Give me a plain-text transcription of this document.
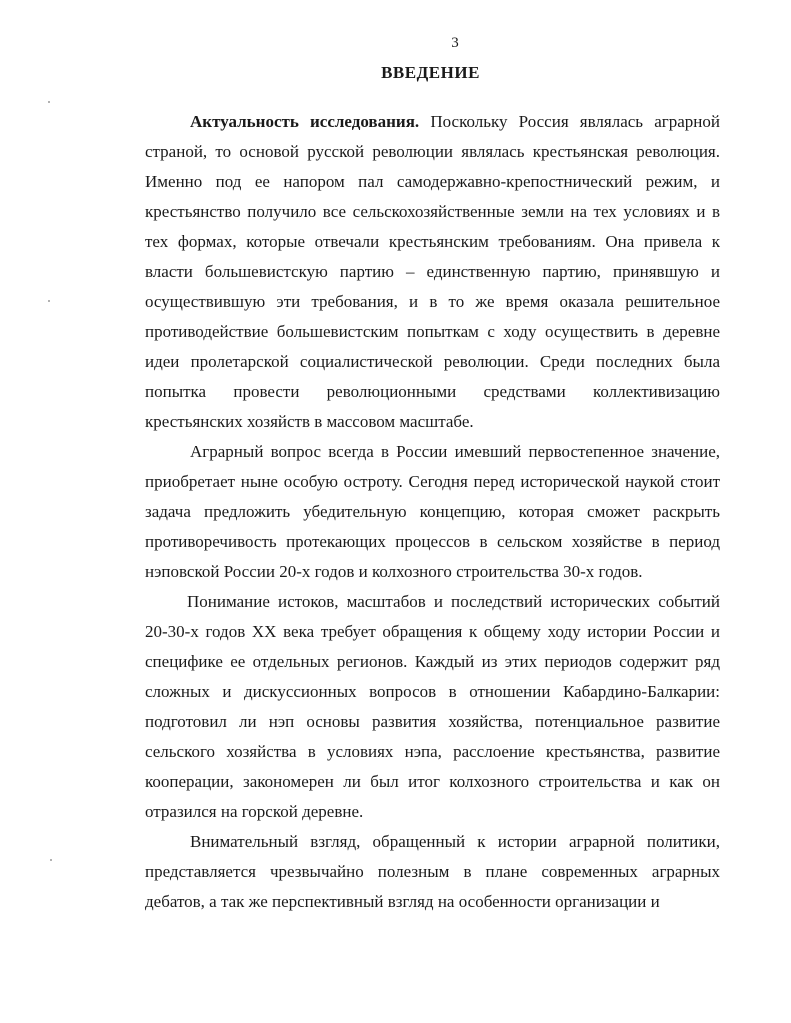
3
ВВЕДЕНИЕ

Актуальность исследования. Поскольку Россия являлась аграрной страной, то основой русской революции являлась крестьянская революция. Именно под ее напором пал самодержавно-крепостнический режим, и крестьянство получило все сельскохозяйственные земли на тех условиях и в тех формах, которые отвечали крестьянским требованиям. Она привела к власти большевистскую партию – единственную партию, принявшую и осуществившую эти требования, и в то же время оказала решительное противодействие большевистским попыткам с ходу осуществить в деревне идеи пролетарской социалистической революции. Среди последних была попытка провести революционными средствами коллективизацию крестьянских хозяйств в массовом масштабе.

Аграрный вопрос всегда в России имевший первостепенное значение, приобретает ныне особую остроту. Сегодня перед исторической наукой стоит задача предложить убедительную концепцию, которая сможет раскрыть противоречивость протекающих процессов в сельском хозяйстве в период нэповской России 20-х годов и колхозного строительства 30-х годов.

Понимание истоков, масштабов и последствий исторических событий 20-30-х годов XX века требует обращения к общему ходу истории России и специфике ее отдельных регионов. Каждый из этих периодов содержит ряд сложных и дискуссионных вопросов в отношении Кабардино-Балкарии: подготовил ли нэп основы развития хозяйства, потенциальное развитие сельского хозяйства в условиях нэпа, расслоение крестьянства, развитие кооперации, закономерен ли был итог колхозного строительства и как он отразился на горской деревне.

Внимательный взгляд, обращенный к истории аграрной политики, представляется чрезвычайно полезным в плане современных аграрных дебатов, а так же перспективный взгляд на особенности организации и
